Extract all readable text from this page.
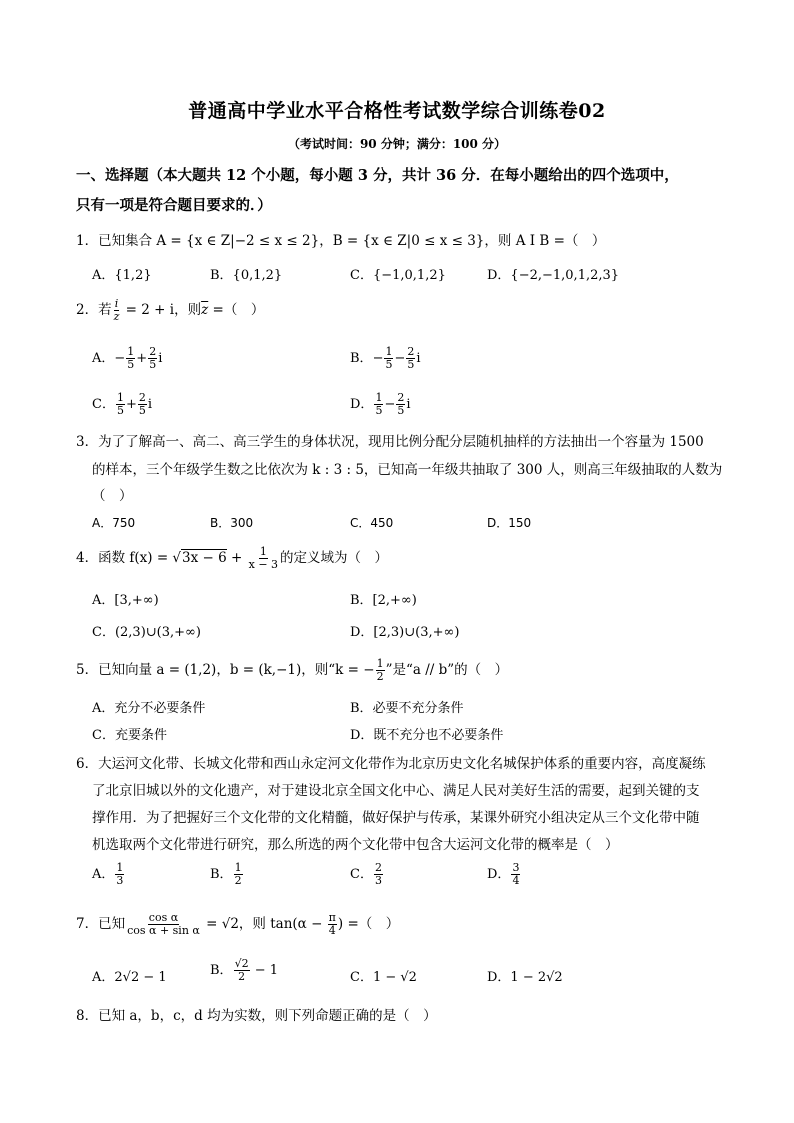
普通高中学业水平合格性考试数学综合训练卷02
（考试时间：90 分钟；满分：100 分）
一、选择题（本大题共 12 个小题，每小题 3 分，共计 36 分．在每小题给出的四个选项中，
只有一项是符合题目要求的．）
1．已知集合 A = {x ∈ Z|−2 ≤ x ≤ 2}，B = {x ∈ Z|0 ≤ x ≤ 3}，则 A I B =（　）
A．{1,2}	B．{0,1,2}	C．{−1,0,1,2}	D．{−2,−1,0,1,2,3}
2．若 $\frac{i}{z} = 2 + i$，则$\overline{z}$ =（　）
A．− $\frac{1}{5} + \frac{2}{5}$ i	B．− $\frac{1}{5} - \frac{2}{5}$ i
C． $\frac{1}{5} + \frac{2}{5}$ i	D． $\frac{1}{5} - \frac{2}{5}$ i
3．为了了解高一、高二、高三学生的身体状况，现用比例分配分层随机抽样的方法抽出一个容量为 1500
的样本，三个年级学生数之比依次为 k : 3 : 5，已知高一年级共抽取了 300 人，则高三年级抽取的人数为
（　）
A．750	B．300	C．450	D．150
4．函数 $f(x) = √3x - 6 + \frac{1}{x - 3}$ 的定义域为（　）
A．[3,+∞)	B．[2,+∞)
C．(2,3)∪(3,+∞)	D．[2,3)∪(3,+∞)
5．已知向量 a = (1,2)，b = (k,−1)，则“k = − $\frac{1}{2}$ ”是“a // b”的（　）
A．充分不必要条件	B．必要不充分条件
C．充要条件	D．既不充分也不必要条件
6．大运河文化带、长城文化带和西山永定河文化带作为北京历史文化名城保护体系的重要内容，高度凝练
了北京旧城以外的文化遗产，对于建设北京全国文化中心、满足人民对美好生活的需要，起到关键的支
撑作用．为了把握好三个文化带的文化精髓，做好保护与传承，某课外研究小组决定从三个文化带中随
机选取两个文化带进行研究，那么所选的两个文化带中包含大运河文化带的概率是（　）
A． $\frac{1}{3}$	B． $\frac{1}{2}$	C． $\frac{2}{3}$	D． $\frac{3}{4}$
7．已知 $\frac{\text{cos α}}{\text{cos α + sin α}} = √2$，则 $\tan(\alpha - \frac{\pi}{4}$ ) =（　）
A．2√2 − 1	B． $\frac{√2}{2} - 1$	C．1 − √2	D．1 − 2√2
8．已知 a，b，c，d 均为实数，则下列命题正确的是（　）
